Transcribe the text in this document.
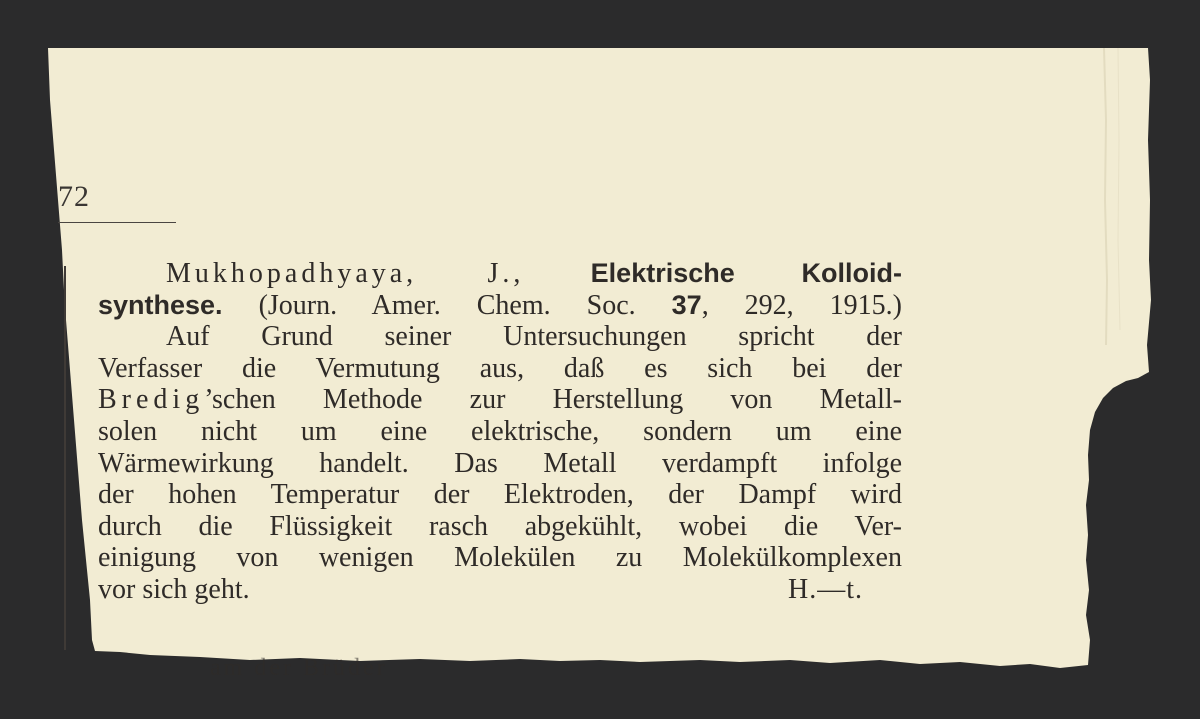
72
Mukhopadhyaya, J., Elektrische Kolloid-
synthese. (Journ. Amer. Chem. Soc. 37, 292, 1915.)
Auf Grund seiner Untersuchungen spricht der
Verfasser die Vermutung aus, daß es sich bei der
Bredig’schen Methode zur Herstellung von Metall-
solen nicht um eine elektrische, sondern um eine
Wärmewirkung handelt. Das Metall verdampft infolge
der hohen Temperatur der Elektroden, der Dampf wird
durch die Flüssigkeit rasch abgekühlt, wobei die Ver-
einigung von wenigen Molekülen zu Molekülkomplexen
vor sich geht.	H.—t.
am der Brüder
